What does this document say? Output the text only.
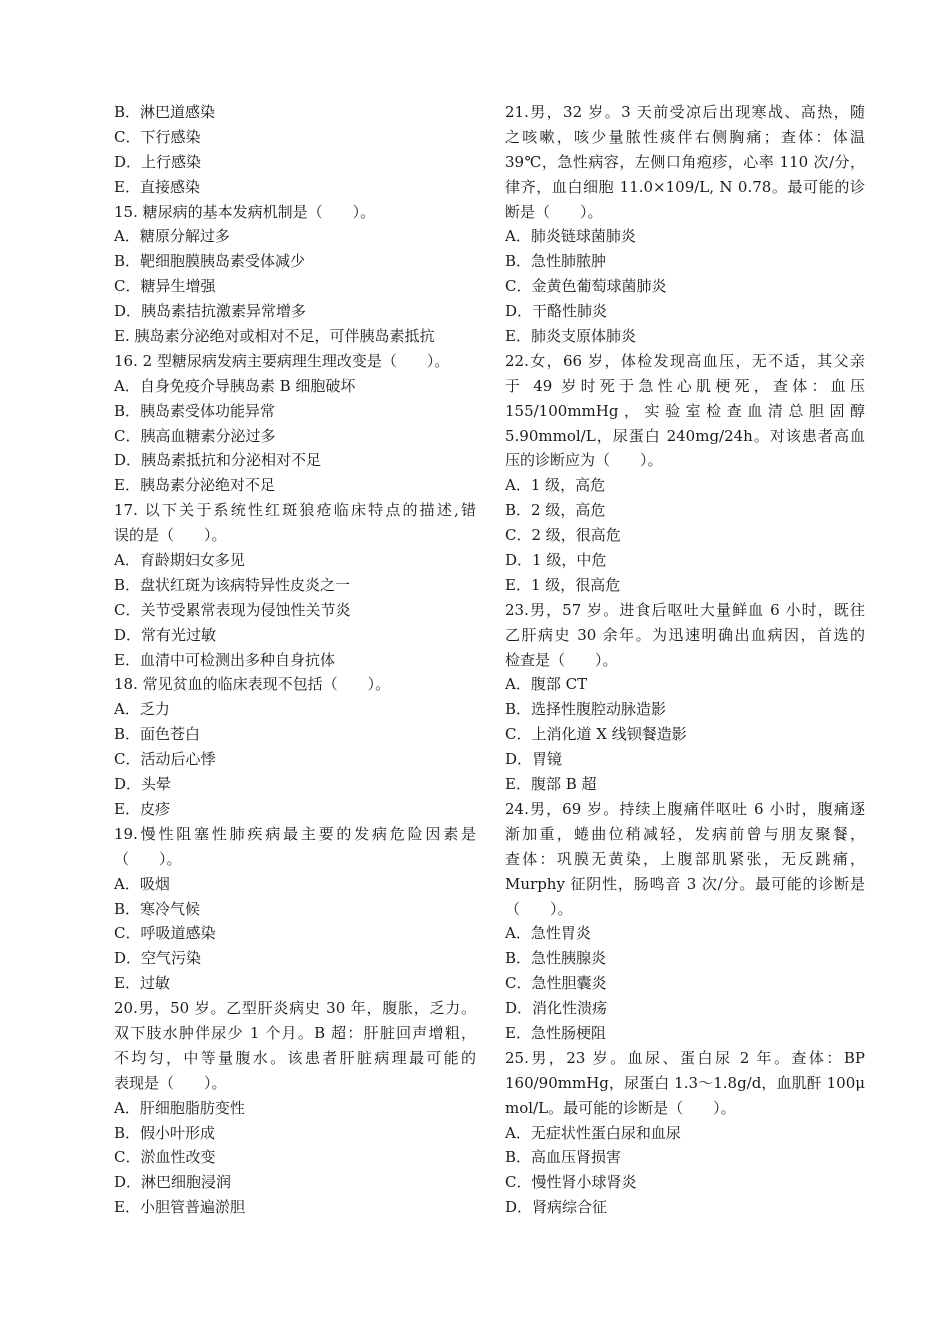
B．淋巴道感染
C．下行感染
D．上行感染
E．直接感染
15. 糖尿病的基本发病机制是（　　）。
A．糖原分解过多
B．靶细胞膜胰岛素受体减少
C．糖异生增强
D．胰岛素拮抗激素异常增多
E. 胰岛素分泌绝对或相对不足，可伴胰岛素抵抗
16. 2 型糖尿病发病主要病理生理改变是（　　）。
A．自身免疫介导胰岛素 B 细胞破坏
B．胰岛素受体功能异常
C．胰高血糖素分泌过多
D．胰岛素抵抗和分泌相对不足
E．胰岛素分泌绝对不足
17. 以下关于系统性红斑狼疮临床特点的描述,错
误的是（　　）。
A．育龄期妇女多见
B．盘状红斑为该病特异性皮炎之一
C．关节受累常表现为侵蚀性关节炎
D．常有光过敏
E．血清中可检测出多种自身抗体
18. 常见贫血的临床表现不包括（　　）。
A．乏力
B．面色苍白
C．活动后心悸
D．头晕
E．皮疹
19.慢性阻塞性肺疾病最主要的发病危险因素是
（　　）。
A．吸烟
B．寒冷气候
C．呼吸道感染
D．空气污染
E．过敏
20.男，50 岁。乙型肝炎病史 30 年，腹胀，乏力。
双下肢水肿伴尿少 1 个月。B 超：肝脏回声增粗，
不均匀，中等量腹水。该患者肝脏病理最可能的
表现是（　　）。
A．肝细胞脂肪变性
B．假小叶形成
C．淤血性改变
D．淋巴细胞浸润
E．小胆管普遍淤胆
21.男，32 岁。3 天前受凉后出现寒战、高热，随
之咳嗽，咳少量脓性痰伴右侧胸痛；查体：体温
39℃，急性病容，左侧口角疱疹，心率 110 次/分，
律齐，血白细胞 11.0×109/L, N 0.78。最可能的诊
断是（　　）。
A．肺炎链球菌肺炎
B．急性肺脓肿
C．金黄色葡萄球菌肺炎
D．干酪性肺炎
E．肺炎支原体肺炎
22.女，66 岁，体检发现高血压，无不适，其父亲
于 49 岁时死于急性心肌梗死，查体：血压
155/100mmHg，实验室检查血清总胆固醇
5.90mmol/L，尿蛋白 240mg/24h。对该患者高血
压的诊断应为（　　）。
A．1 级，高危
B．2 级，高危
C．2 级，很高危
D．1 级，中危
E．1 级，很高危
23.男，57 岁。进食后呕吐大量鲜血 6 小时，既往
乙肝病史 30 余年。为迅速明确出血病因，首选的
检查是（　　）。
A．腹部 CT
B．选择性腹腔动脉造影
C．上消化道 X 线钡餐造影
D．胃镜
E．腹部 B 超
24.男，69 岁。持续上腹痛伴呕吐 6 小时，腹痛逐
渐加重，蜷曲位稍减轻，发病前曾与朋友聚餐，
查体：巩膜无黄染，上腹部肌紧张，无反跳痛，
Murphy 征阴性，肠鸣音 3 次/分。最可能的诊断是
（　　）。
A．急性胃炎
B．急性胰腺炎
C．急性胆囊炎
D．消化性溃疡
E．急性肠梗阻
25.男，23 岁。血尿、蛋白尿 2 年。查体：BP
160/90mmHg，尿蛋白 1.3～1.8g/d，血肌酐 100μ
mol/L。最可能的诊断是（　　）。
A．无症状性蛋白尿和血尿
B．高血压肾损害
C．慢性肾小球肾炎
D．肾病综合征
